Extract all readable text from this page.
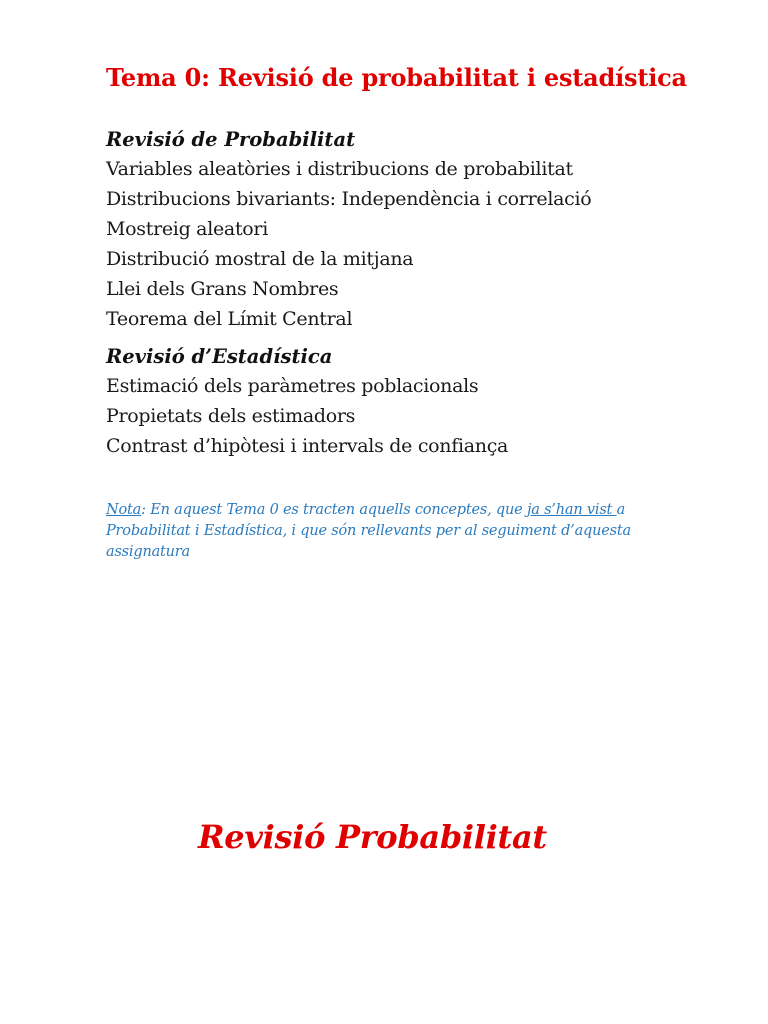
Tema 0: Revisió de probabilitat i estadística
Revisió de Probabilitat
Variables aleatòries i distribucions de probabilitat
Distribucions bivariants: Independència i correlació
Mostreig aleatori
Distribució mostral de la mitjana
Llei dels Grans Nombres
Teorema del Límit Central
Revisió d’Estadística
Estimació dels paràmetres poblacionals
Propietats dels estimadors
Contrast d’hipòtesi i intervals de confiança

Nota: En aquest Tema 0 es tracten aquells conceptes, que ja s’han vist a Probabilitat i Estadística, i que són rellevants per al seguiment d’aquesta assignatura

Revisió Probabilitat
